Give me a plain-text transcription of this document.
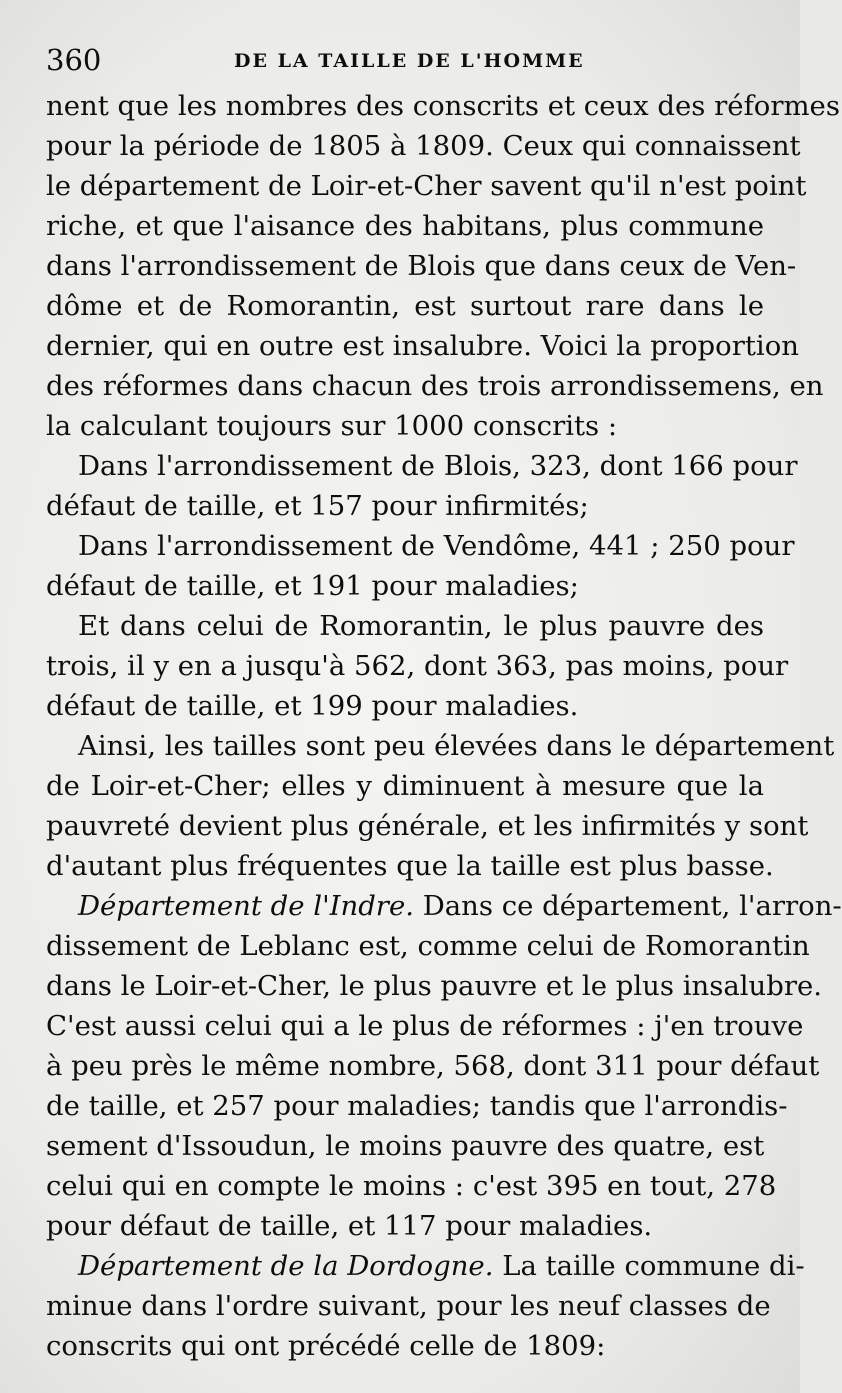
360	DE LA TAILLE DE L'HOMME
nent que les nombres des conscrits et ceux des réformes
pour la période de 1805 à 1809. Ceux qui connaissent
le département de Loir-et-Cher savent qu'il n'est point
riche, et que l'aisance des habitans, plus commune
dans l'arrondissement de Blois que dans ceux de Ven-
dôme et de Romorantin, est surtout rare dans le
dernier, qui en outre est insalubre. Voici la proportion
des réformes dans chacun des trois arrondissemens, en
la calculant toujours sur 1000 conscrits :
Dans l'arrondissement de Blois, 323, dont 166 pour
défaut de taille, et 157 pour infirmités;
Dans l'arrondissement de Vendôme, 441 ; 250 pour
défaut de taille, et 191 pour maladies;
Et dans celui de Romorantin, le plus pauvre des
trois, il y en a jusqu'à 562, dont 363, pas moins, pour
défaut de taille, et 199 pour maladies.
Ainsi, les tailles sont peu élevées dans le département
de Loir-et-Cher; elles y diminuent à mesure que la
pauvreté devient plus générale, et les infirmités y sont
d'autant plus fréquentes que la taille est plus basse.
Département de l'Indre. Dans ce département, l'arron-
dissement de Leblanc est, comme celui de Romorantin
dans le Loir-et-Cher, le plus pauvre et le plus insalubre.
C'est aussi celui qui a le plus de réformes : j'en trouve
à peu près le même nombre, 568, dont 311 pour défaut
de taille, et 257 pour maladies; tandis que l'arrondis-
sement d'Issoudun, le moins pauvre des quatre, est
celui qui en compte le moins : c'est 395 en tout, 278
pour défaut de taille, et 117 pour maladies.
Département de la Dordogne. La taille commune di-
minue dans l'ordre suivant, pour les neuf classes de
conscrits qui ont précédé celle de 1809:
